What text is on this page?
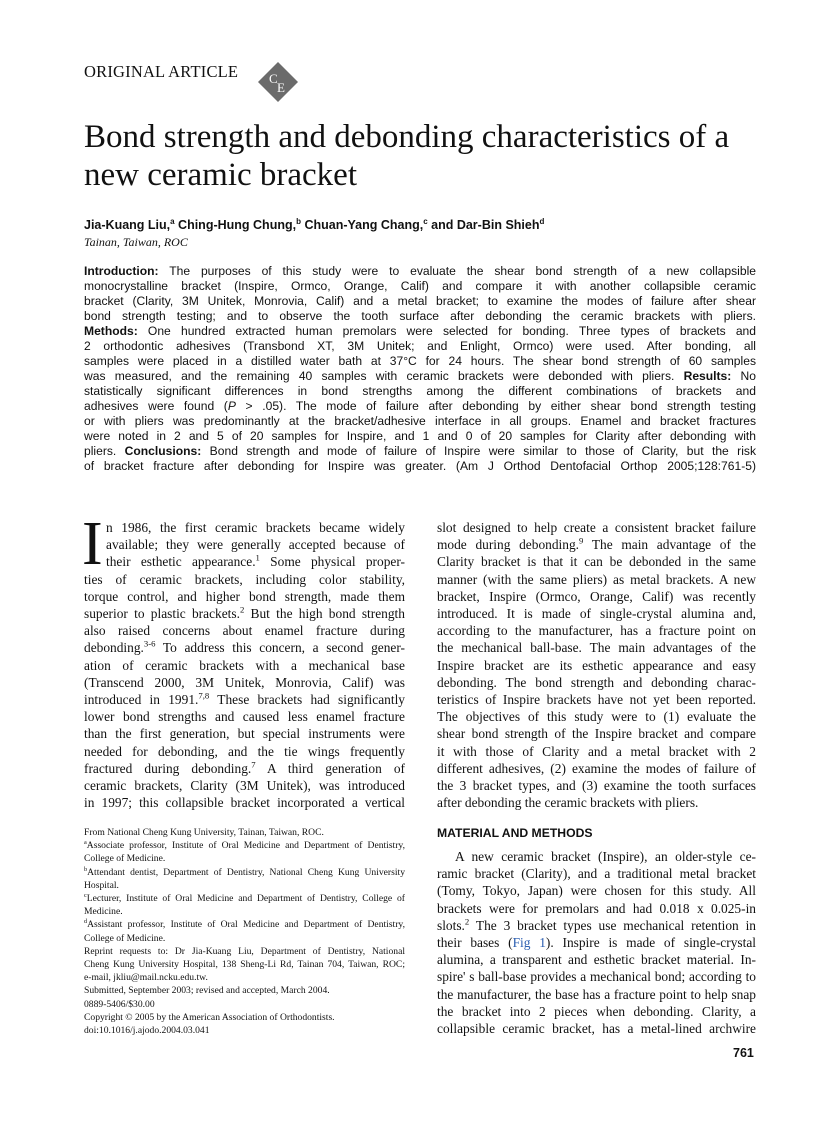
ORIGINAL ARTICLE C
E
Bond strength and debonding characteristics of a new ceramic bracket
Jia-Kuang Liu,$^a$ Ching-Hung Chung,$^b$ Chuan-Yang Chang,$^c$ and Dar-Bin Shieh$^d$
Tainan, Taiwan, ROC
Introduction: The purposes of this study were to evaluate the shear bond strength of a new collapsible
monocrystalline bracket (Inspire, Ormco, Orange, Calif) and compare it with another collapsible ceramic
bracket (Clarity, 3M Unitek, Monrovia, Calif) and a metal bracket; to examine the modes of failure after shear
bond strength testing; and to observe the tooth surface after debonding the ceramic brackets with pliers.
Methods: One hundred extracted human premolars were selected for bonding. Three types of brackets and
2 orthodontic adhesives (Transbond XT, 3M Unitek; and Enlight, Ormco) were used. After bonding, all
samples were placed in a distilled water bath at 37°C for 24 hours. The shear bond strength of 60 samples
was measured, and the remaining 40 samples with ceramic brackets were debonded with pliers. Results: No
statistically significant differences in bond strengths among the different combinations of brackets and
adhesives were found (P > .05). The mode of failure after debonding by either shear bond strength testing
or with pliers was predominantly at the bracket/adhesive interface in all groups. Enamel and bracket fractures
were noted in 2 and 5 of 20 samples for Inspire, and 1 and 0 of 20 samples for Clarity after debonding with
pliers. Conclusions: Bond strength and mode of failure of Inspire were similar to those of Clarity, but the risk
of bracket fracture after debonding for Inspire was greater. (Am J Orthod Dentofacial Orthop 2005;128:761-5)
I n 1986, the first ceramic brackets became widely
available; they were generally accepted because of
their esthetic appearance.$^1$ Some physical proper-
ties of ceramic brackets, including color stability,
torque control, and higher bond strength, made them
superior to plastic brackets.$^2$ But the high bond strength
also raised concerns about enamel fracture during
debonding.$^{3-6}$ To address this concern, a second gener-
ation of ceramic brackets with a mechanical base
(Transcend 2000, 3M Unitek, Monrovia, Calif) was
introduced in 1991.$^{7,8}$ These brackets had significantly
lower bond strengths and caused less enamel fracture
than the first generation, but special instruments were
needed for debonding, and the tie wings frequently
fractured during debonding.$^7$ A third generation of
ceramic brackets, Clarity (3M Unitek), was introduced
in 1997; this collapsible bracket incorporated a vertical
slot designed to help create a consistent bracket failure
mode during debonding.$^9$ The main advantage of the
Clarity bracket is that it can be debonded in the same
manner (with the same pliers) as metal brackets. A new
bracket, Inspire (Ormco, Orange, Calif) was recently
introduced. It is made of single-crystal alumina and,
according to the manufacturer, has a fracture point on
the mechanical ball-base. The main advantages of the
Inspire bracket are its esthetic appearance and easy
debonding. The bond strength and debonding charac-
teristics of Inspire brackets have not yet been reported.
The objectives of this study were to (1) evaluate the
shear bond strength of the Inspire bracket and compare
it with those of Clarity and a metal bracket with 2
different adhesives, (2) examine the modes of failure of
the 3 bracket types, and (3) examine the tooth surfaces
after debonding the ceramic brackets with pliers.
MATERIAL AND METHODS
A new ceramic bracket (Inspire), an older-style ce-
ramic bracket (Clarity), and a traditional metal bracket
(Tomy, Tokyo, Japan) were chosen for this study. All
brackets were for premolars and had 0.018 x 0.025-in
slots.$^2$ The 3 bracket types use mechanical retention in
their bases (Fig 1). Inspire is made of single-crystal
alumina, a transparent and esthetic bracket material. In-
spire' s ball-base provides a mechanical bond; according to
the manufacturer, the base has a fracture point to help snap
the bracket into 2 pieces when debonding. Clarity, a
collapsible ceramic bracket, has a metal-lined archwire
From National Cheng Kung University, Tainan, Taiwan, ROC.
$^a$Associate professor, Institute of Oral Medicine and Department of Dentistry,
College of Medicine.
$^b$Attendant dentist, Department of Dentistry, National Cheng Kung University
Hospital.
$^c$Lecturer, Institute of Oral Medicine and Department of Dentistry, College of
Medicine.
$^d$Assistant professor, Institute of Oral Medicine and Department of Dentistry,
College of Medicine.
Reprint requests to: Dr Jia-Kuang Liu, Department of Dentistry, National
Cheng Kung University Hospital, 138 Sheng-Li Rd, Tainan 704, Taiwan, ROC;
e-mail, jkliu@mail.ncku.edu.tw.
Submitted, September 2003; revised and accepted, March 2004.
0889-5406/$30.00
Copyright © 2005 by the American Association of Orthodontists.
doi:10.1016/j.ajodo.2004.03.041
761
